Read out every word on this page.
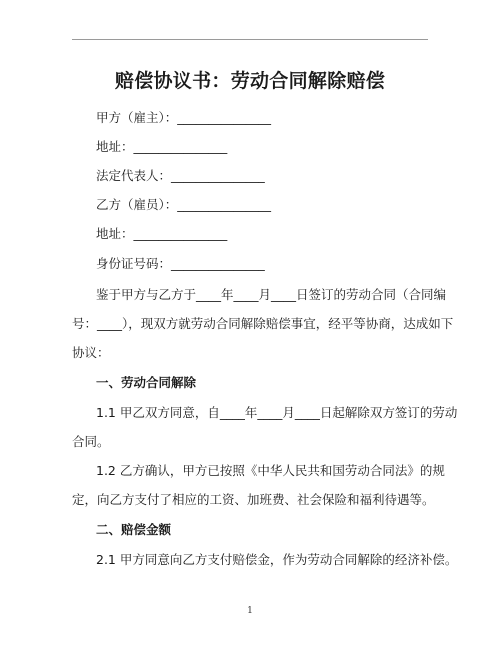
赔偿协议书：劳动合同解除赔偿
甲方（雇主）：_______________
地址：_______________
法定代表人：_______________
乙方（雇员）：_______________
地址：_______________
身份证号码：_______________
鉴于甲方与乙方于____年____月____日签订的劳动合同（合同编
号：____），现双方就劳动合同解除赔偿事宜，经平等协商，达成如下
协议：
一、劳动合同解除
1.1 甲乙双方同意，自____年____月____日起解除双方签订的劳动
合同。
1.2 乙方确认，甲方已按照《中华人民共和国劳动合同法》的规
定，向乙方支付了相应的工资、加班费、社会保险和福利待遇等。
二、赔偿金额
2.1 甲方同意向乙方支付赔偿金，作为劳动合同解除的经济补偿。
1
